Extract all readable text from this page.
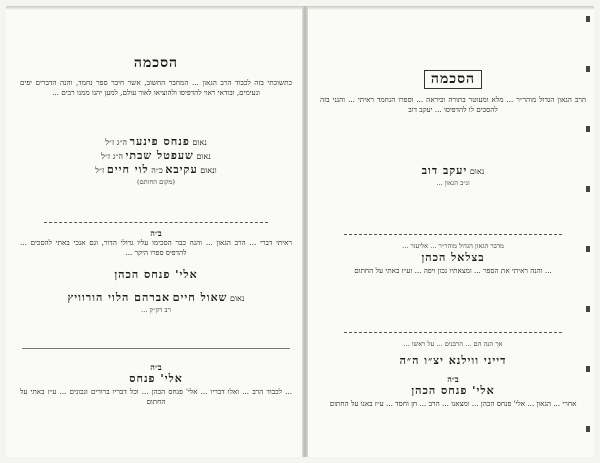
הסכמה
כתשוכתי בזה לכבוד הרב הגאון ... המחבר החשוב, אשר חיבר ספר נחמד, והנה הדברים יפים ונעימים, ובודאי ראוי להדפיסו ולהוציאו לאור עולם, למען יהנו ממנו רבים ...
נאום פנחס פינער ה״ג ז״ל
נאום שעפטל שבתי ה״ג ז״ל
ונאום עקיבא כ״ה לוי חיים ז״ל
(מקום החותם)
ב״ה
ראיתי דברי ... הרב הגאון ... והנה כבר הסכימו עליו גדולי הדור, וגם אנכי באתי להסכים ... להדפיס ספרו היקר ...
אלי' פנחס הכהן
נאום שאול חיים אברהם הלוי הורוויץ
רב דק״ק ...
ב״ה
אלי' פנחס
... לכבוד הרב ... ואלו דבריו ... אלי' פנחס הכהן ... וכל דבריו ברורים ונכונים ... ע״ז באתי על החתום
הסכמה
הרב הגאון הגדול מוהר״ר ... מלא ומעוטר בתורה וביראה ... וספרו הנחמד ראיתי ... והנני בזה להסכים לו להדפיסו ... יעקב דוב
נאום יעקב דוב
ונ״ב הגאון ...
מדבר הגאון הגדול מוהר״ר ... אליעזר ...
בצלאל הכהן
... והנה ראיתי את הספר ... ומצאתיו נכון ויפה ... וע״ז באתי על החתום
אך הנה הם ... הרבנים ... על ראשו ...
דייני ווילנא יצ״ו ה״ה
ב״ה
אלי' פנחס הכהן
אחרי ... הגאון ... אלי' פנחס הכהן ... ומצאנו ... הרב ... חן וחסד ... ע״ז באנו על החתום
